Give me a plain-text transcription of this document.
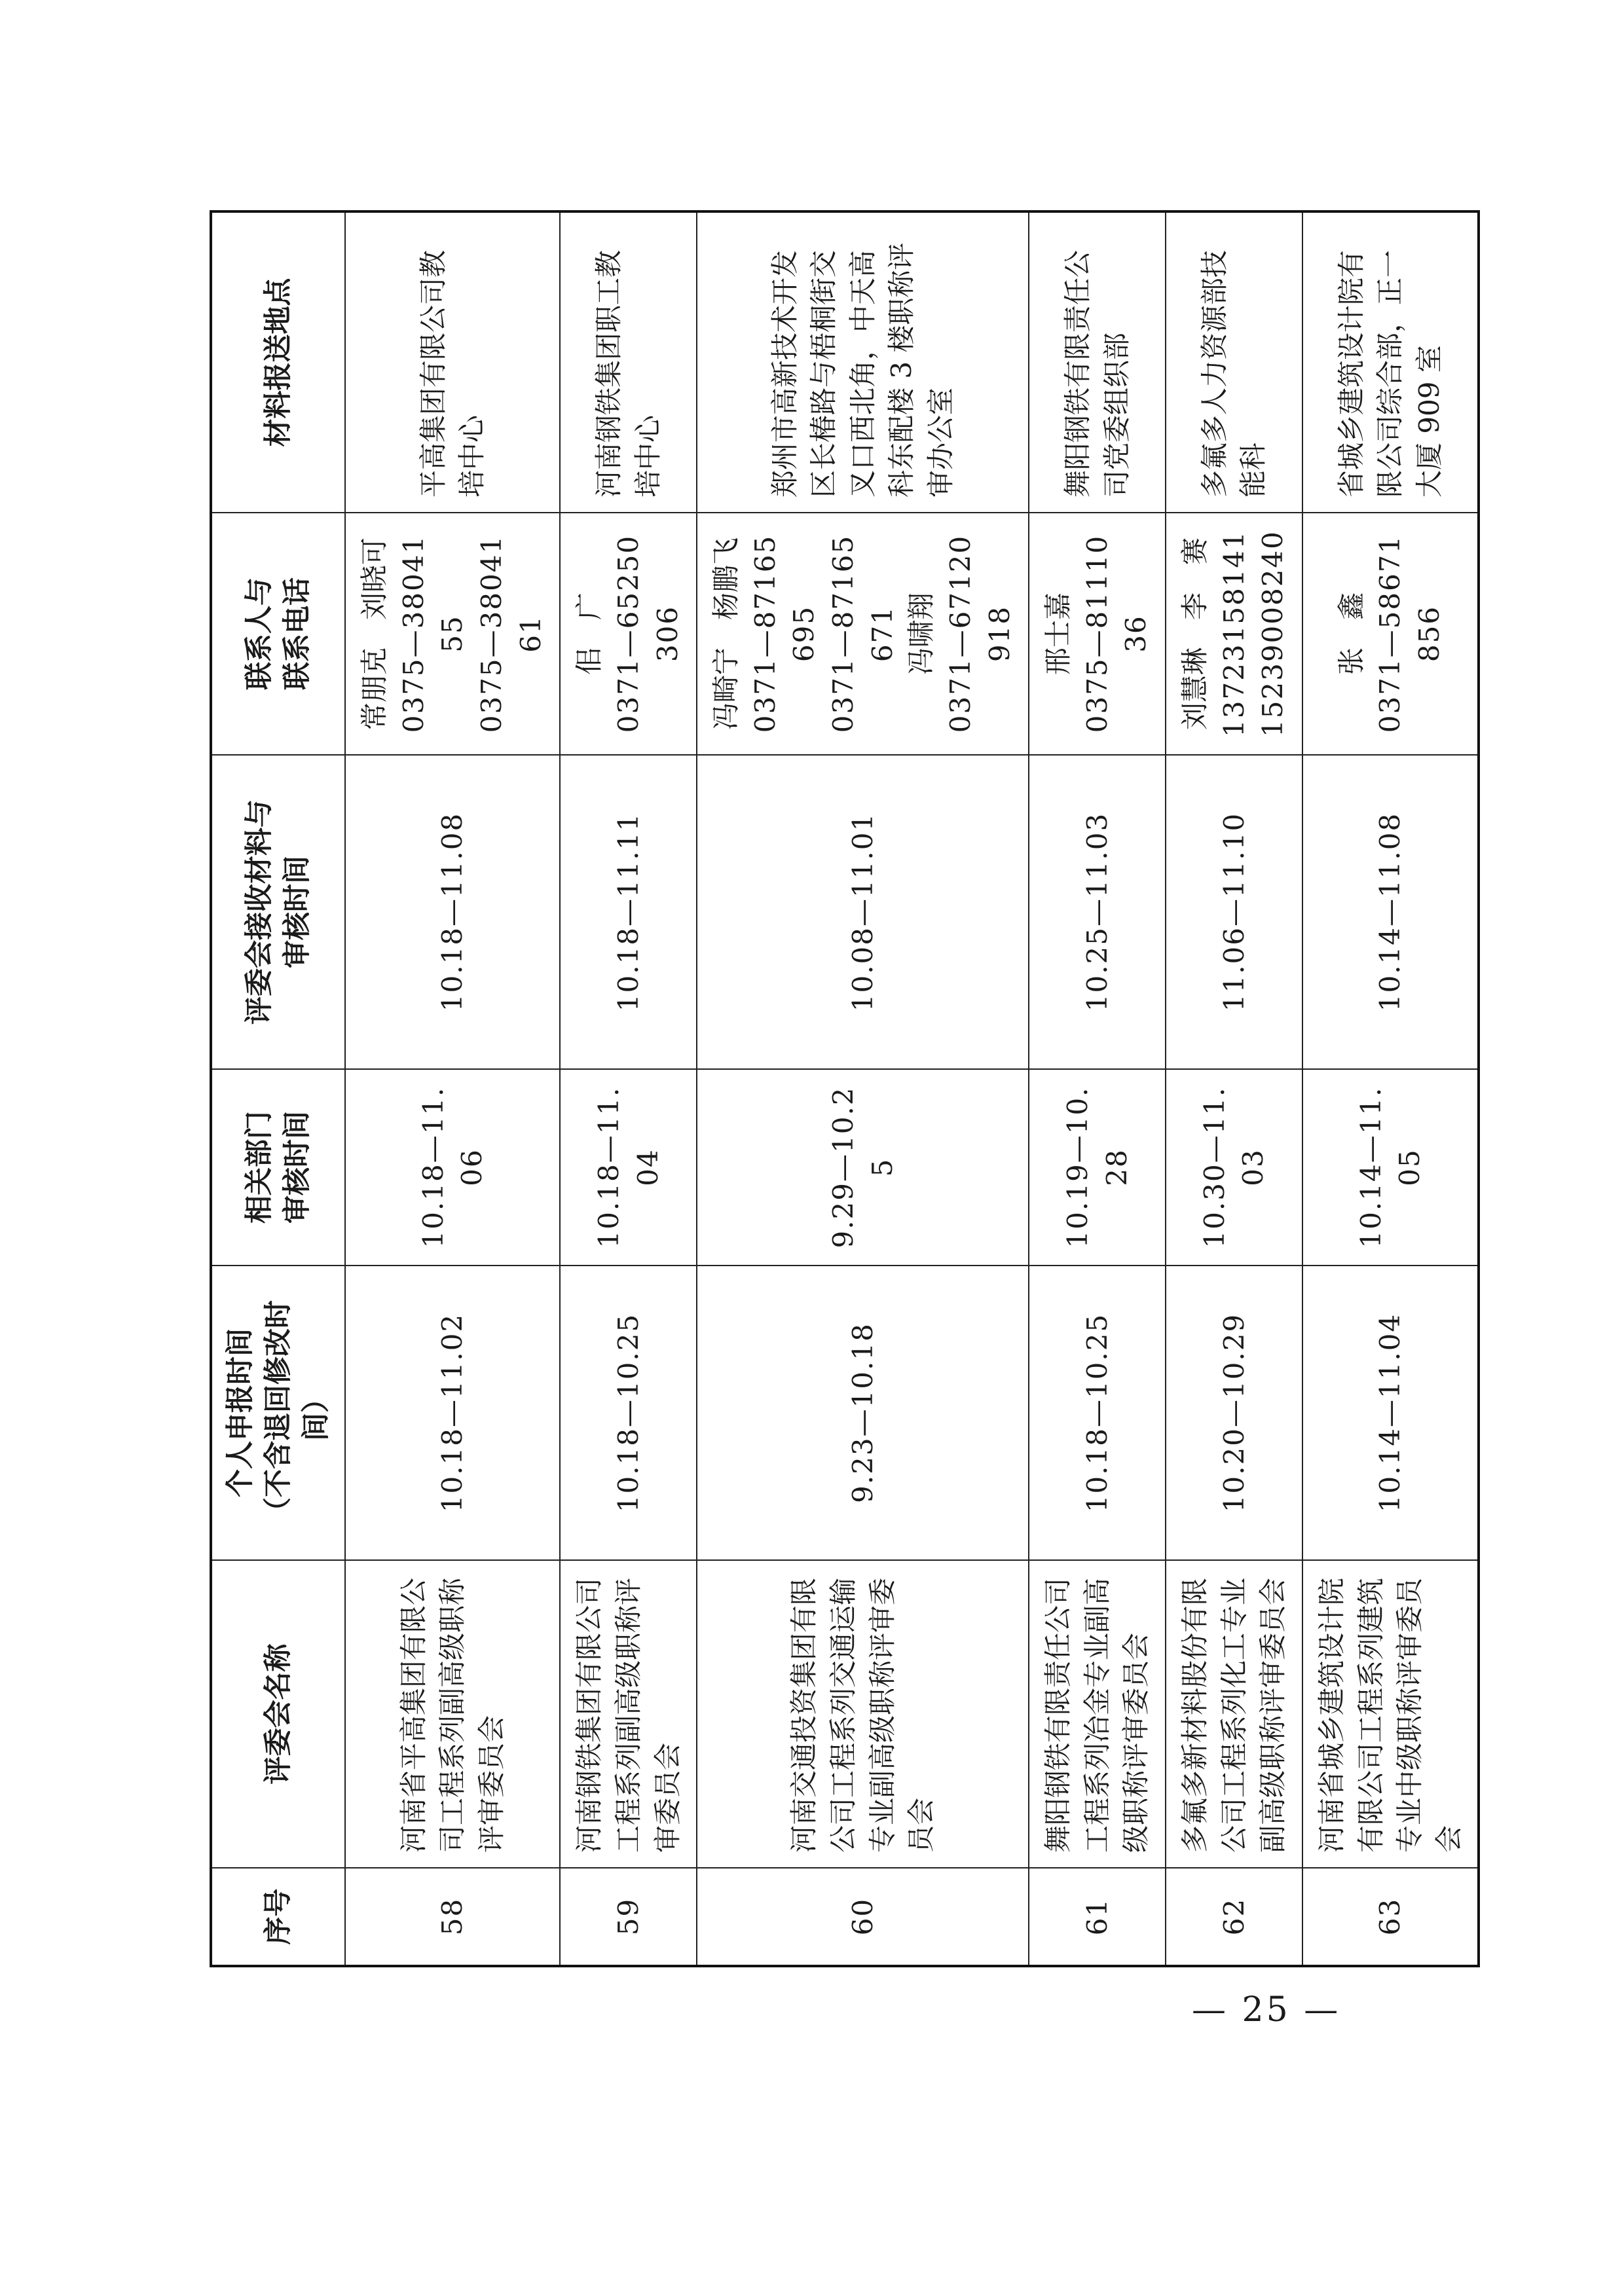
序号	评委会名称	个人申报时间 （不含退回修改时间）	相关部门 审核时间	评委会接收材料与 审核时间	联系人与 联系电话	材料报送地点
58	河南省平高集团有限公司工程系列副高级职称评审委员会	10.18—11.02	10.18—11.06	10.18—11.08	常朋克　刘晓可 0375—3804155 0375—3804161	平高集团有限公司教培中心
59	河南钢铁集团有限公司工程系列副高级职称评审委员会	10.18—10.25	10.18—11.04	10.18—11.11	佀　广 0371—65250306	河南钢铁集团职工教培中心
60	河南交通投资集团有限公司工程系列交通运输专业副高级职称评审委员会	9.23—10.18	9.29—10.25	10.08—11.01	冯畸宁　杨鹏飞 0371—87165695 0371—87165671 冯啸翔 0371—67120918	郑州市高新技术开发区长椿路与梧桐街交叉口西北角，中天高科东配楼 3 楼职称评审办公室
61	舞阳钢铁有限责任公司工程系列冶金专业副高级职称评审委员会	10.18—10.25	10.19—10.28	10.25—11.03	邢士嘉 0375—8111036	舞阳钢铁有限责任公司党委组织部
62	多氟多新材料股份有限公司工程系列化工专业副高级职称评审委员会	10.20—10.29	10.30—11.03	11.06—11.10	刘慧琳　李　赛 13723158141 15239008240	多氟多人力资源部技能科
63	河南省城乡建筑设计院有限公司工程系列建筑专业中级职称评审委员会	10.14—11.04	10.14—11.05	10.14—11.08	张　鑫 0371—58671856	省城乡建筑设计院有限公司综合部，正一大厦 909 室
— 25 —
